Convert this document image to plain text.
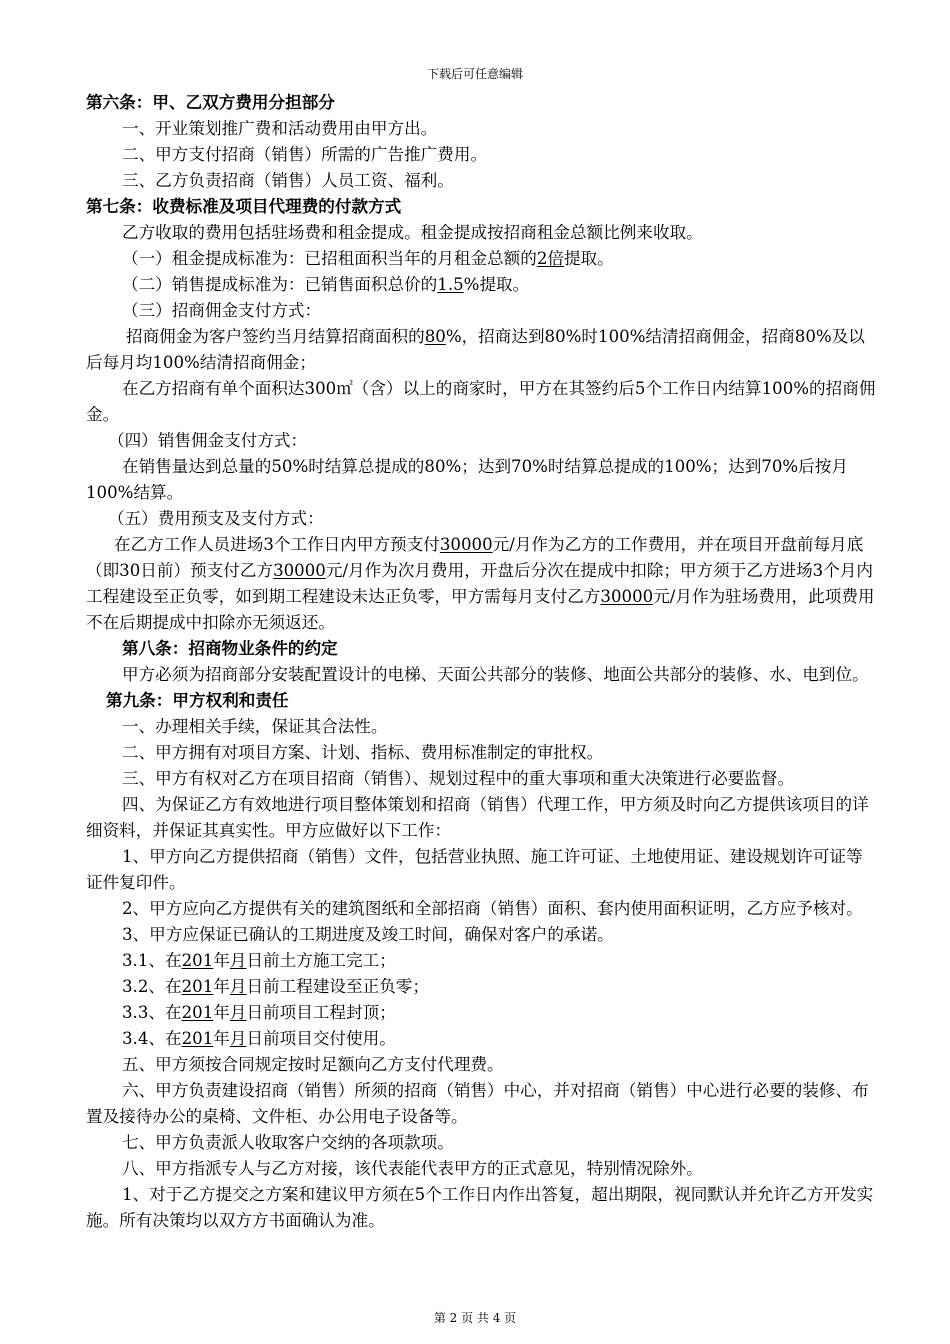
下载后可任意编辑
第六条：甲、乙双方费用分担部分
一、开业策划推广费和活动费用由甲方出。
二、甲方支付招商（销售）所需的广告推广费用。
三、乙方负责招商（销售）人员工资、福利。
第七条：收费标准及项目代理费的付款方式
乙方收取的费用包括驻场费和租金提成。租金提成按招商租金总额比例来收取。
（一）租金提成标准为：已招租面积当年的月租金总额的2倍提取。
（二）销售提成标准为：已销售面积总价的1.5%提取。
（三）招商佣金支付方式：
招商佣金为客户签约当月结算招商面积的80%，招商达到80%时100%结清招商佣金，招商80%及以后每月均100%结清招商佣金；
在乙方招商有单个面积达300㎡（含）以上的商家时，甲方在其签约后5个工作日内结算100%的招商佣金。
（四）销售佣金支付方式：
在销售量达到总量的50%时结算总提成的80%；达到70%时结算总提成的100%；达到70%后按月100%结算。
（五）费用预支及支付方式：
在乙方工作人员进场3个工作日内甲方预支付30000元/月作为乙方的工作费用，并在项目开盘前每月底（即30日前）预支付乙方30000元/月作为次月费用，开盘后分次在提成中扣除；甲方须于乙方进场3个月内工程建设至正负零，如到期工程建设未达正负零，甲方需每月支付乙方30000元/月作为驻场费用，此项费用不在后期提成中扣除亦无须返还。
第八条：招商物业条件的约定
甲方必须为招商部分安装配置设计的电梯、天面公共部分的装修、地面公共部分的装修、水、电到位。
第九条：甲方权利和责任
一、办理相关手续，保证其合法性。
二、甲方拥有对项目方案、计划、指标、费用标准制定的审批权。
三、甲方有权对乙方在项目招商（销售）、规划过程中的重大事项和重大决策进行必要监督。
四、为保证乙方有效地进行项目整体策划和招商（销售）代理工作，甲方须及时向乙方提供该项目的详细资料，并保证其真实性。甲方应做好以下工作：
1、甲方向乙方提供招商（销售）文件，包括营业执照、施工许可证、土地使用证、建设规划许可证等证件复印件。
2、甲方应向乙方提供有关的建筑图纸和全部招商（销售）面积、套内使用面积证明，乙方应予核对。
3、甲方应保证已确认的工期进度及竣工时间，确保对客户的承诺。
3.1、在201年月日前土方施工完工；
3.2、在201年月日前工程建设至正负零；
3.3、在201年月日前项目工程封顶；
3.4、在201年月日前项目交付使用。
五、甲方须按合同规定按时足额向乙方支付代理费。
六、甲方负责建设招商（销售）所须的招商（销售）中心，并对招商（销售）中心进行必要的装修、布置及接待办公的桌椅、文件柜、办公用电子设备等。
七、甲方负责派人收取客户交纳的各项款项。
八、甲方指派专人与乙方对接，该代表能代表甲方的正式意见，特别情况除外。
1、对于乙方提交之方案和建议甲方须在5个工作日内作出答复，超出期限，视同默认并允许乙方开发实施。所有决策均以双方方书面确认为准。
第 2 页 共 4 页
